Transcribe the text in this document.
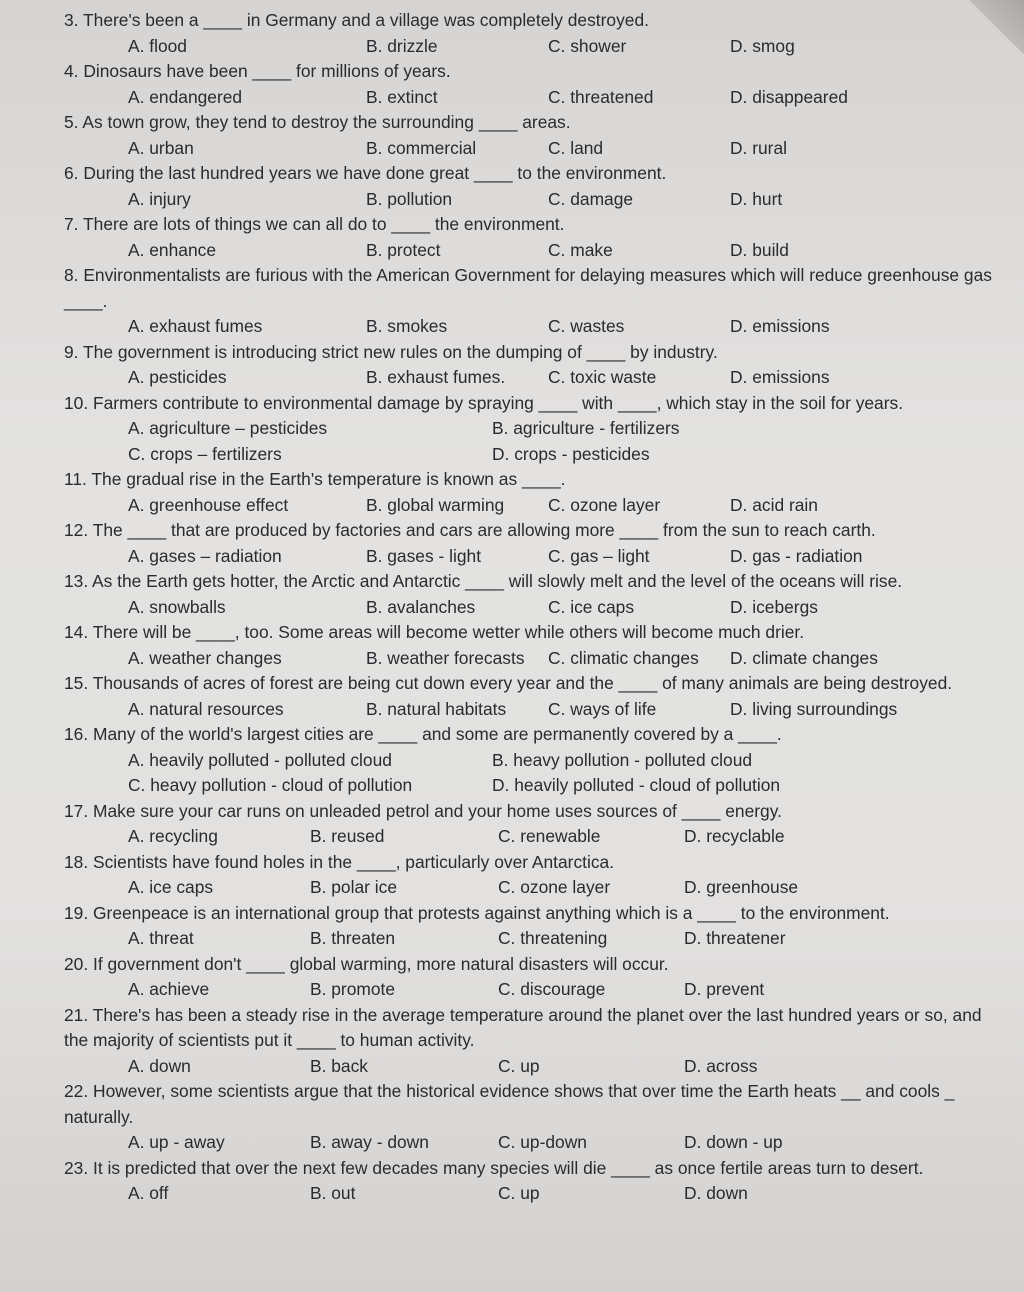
3. There's been a ____ in Germany and a village was completely destroyed.
A. flood	B. drizzle	C. shower	D. smog
4. Dinosaurs have been ____ for millions of years.
A. endangered	B. extinct	C. threatened	D. disappeared
5. As town grow, they tend to destroy the surrounding ____ areas.
A. urban	B. commercial	C. land	D. rural
6. During the last hundred years we have done great ____ to the environment.
A. injury	B. pollution	C. damage	D. hurt
7. There are lots of things we can all do to ____ the environment.
A. enhance	B. protect	C. make	D. build
8. Environmentalists are furious with the American Government for delaying measures which will reduce greenhouse gas ____.
A. exhaust fumes	B. smokes	C. wastes	D. emissions
9. The government is introducing strict new rules on the dumping of ____ by industry.
A. pesticides	B. exhaust fumes.	C. toxic waste	D. emissions
10. Farmers contribute to environmental damage by spraying ____ with ____, which stay in the soil for years.
A. agriculture – pesticides	B. agriculture - fertilizers
C. crops – fertilizers	D. crops - pesticides
11. The gradual rise in the Earth's temperature is known as ____.
A. greenhouse effect	B. global warming	C. ozone layer	D. acid rain
12. The ____ that are produced by factories and cars are allowing more ____ from the sun to reach carth.
A. gases – radiation	B. gases - light	C. gas – light	D. gas - radiation
13. As the Earth gets hotter, the Arctic and Antarctic ____ will slowly melt and the level of the oceans will rise.
A. snowballs	B. avalanches	C. ice caps	D. icebergs
14. There will be ____, too. Some areas will become wetter while others will become much drier.
A. weather changes	B. weather forecasts	C. climatic changes	D. climate changes
15. Thousands of acres of forest are being cut down every year and the ____ of many animals are being destroyed.
A. natural resources	B. natural habitats	C. ways of life	D. living surroundings
16. Many of the world's largest cities are ____ and some are permanently covered by a ____.
A. heavily polluted - polluted cloud	B. heavy pollution - polluted cloud
C. heavy pollution - cloud of pollution	D. heavily polluted - cloud of pollution
17. Make sure your car runs on unleaded petrol and your home uses sources of ____ energy.
A. recycling	B. reused	C. renewable	D. recyclable
18. Scientists have found holes in the ____, particularly over Antarctica.
A. ice caps	B. polar ice	C. ozone layer	D. greenhouse
19. Greenpeace is an international group that protests against anything which is a ____ to the environment.
A. threat	B. threaten	C. threatening	D. threatener
20. If government don't ____ global warming, more natural disasters will occur.
A. achieve	B. promote	C. discourage	D. prevent
21. There's has been a steady rise in the average temperature around the planet over the last hundred years or so, and the majority of scientists put it ____ to human activity.
A. down	B. back	C. up	D. across
22. However, some scientists argue that the historical evidence shows that over time the Earth heats __ and cools _ naturally.
A. up - away	B. away - down	C. up-down	D. down - up
23. It is predicted that over the next few decades many species will die ____ as once fertile areas turn to desert.
A. off	B. out	C. up	D. down
